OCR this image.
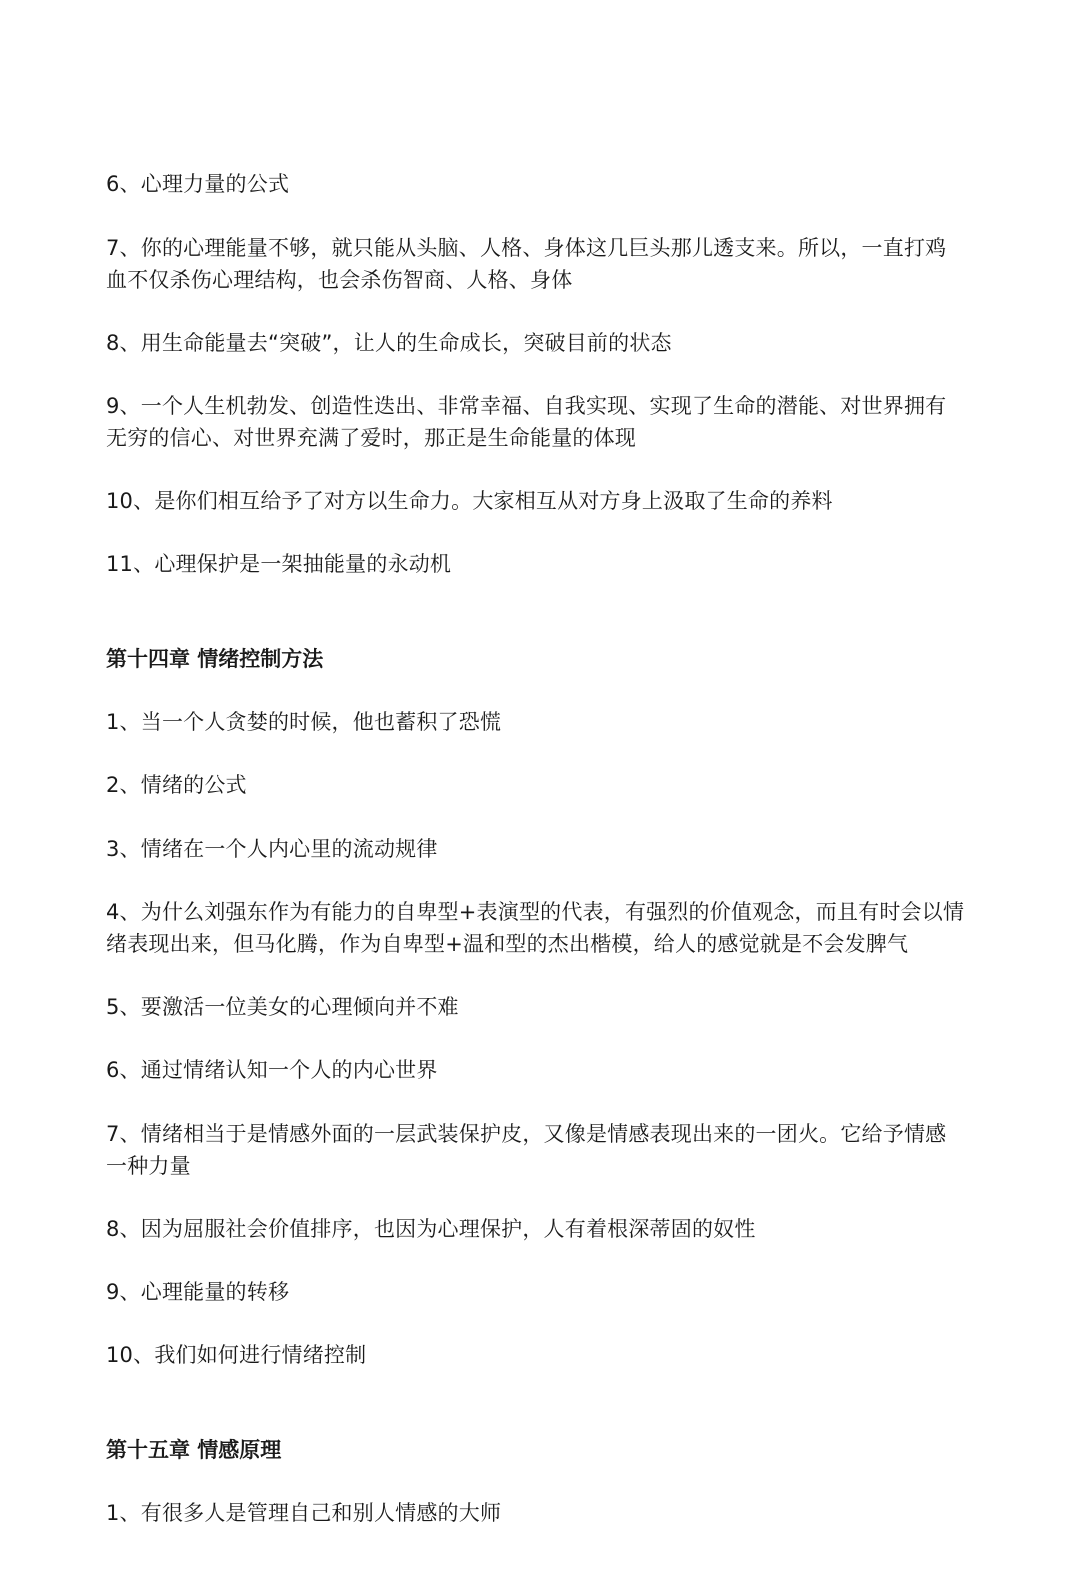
6、心理力量的公式
7、你的心理能量不够，就只能从头脑、人格、身体这几巨头那儿透支来。所以，一直打鸡
血不仅杀伤心理结构，也会杀伤智商、人格、身体
8、用生命能量去“突破”，让人的生命成长，突破目前的状态
9、一个人生机勃发、创造性迭出、非常幸福、自我实现、实现了生命的潜能、对世界拥有
无穷的信心、对世界充满了爱时，那正是生命能量的体现
10、是你们相互给予了对方以生命力。大家相互从对方身上汲取了生命的养料
11、心理保护是一架抽能量的永动机
第十四章 情绪控制方法
1、当一个人贪婪的时候，他也蓄积了恐慌
2、情绪的公式
3、情绪在一个人内心里的流动规律
4、为什么刘强东作为有能力的自卑型+表演型的代表，有强烈的价值观念，而且有时会以情
绪表现出来，但马化腾，作为自卑型+温和型的杰出楷模，给人的感觉就是不会发脾气
5、要激活一位美女的心理倾向并不难
6、通过情绪认知一个人的内心世界
7、情绪相当于是情感外面的一层武装保护皮，又像是情感表现出来的一团火。它给予情感
一种力量
8、因为屈服社会价值排序，也因为心理保护，人有着根深蒂固的奴性
9、心理能量的转移
10、我们如何进行情绪控制
第十五章 情感原理
1、有很多人是管理自己和别人情感的大师
